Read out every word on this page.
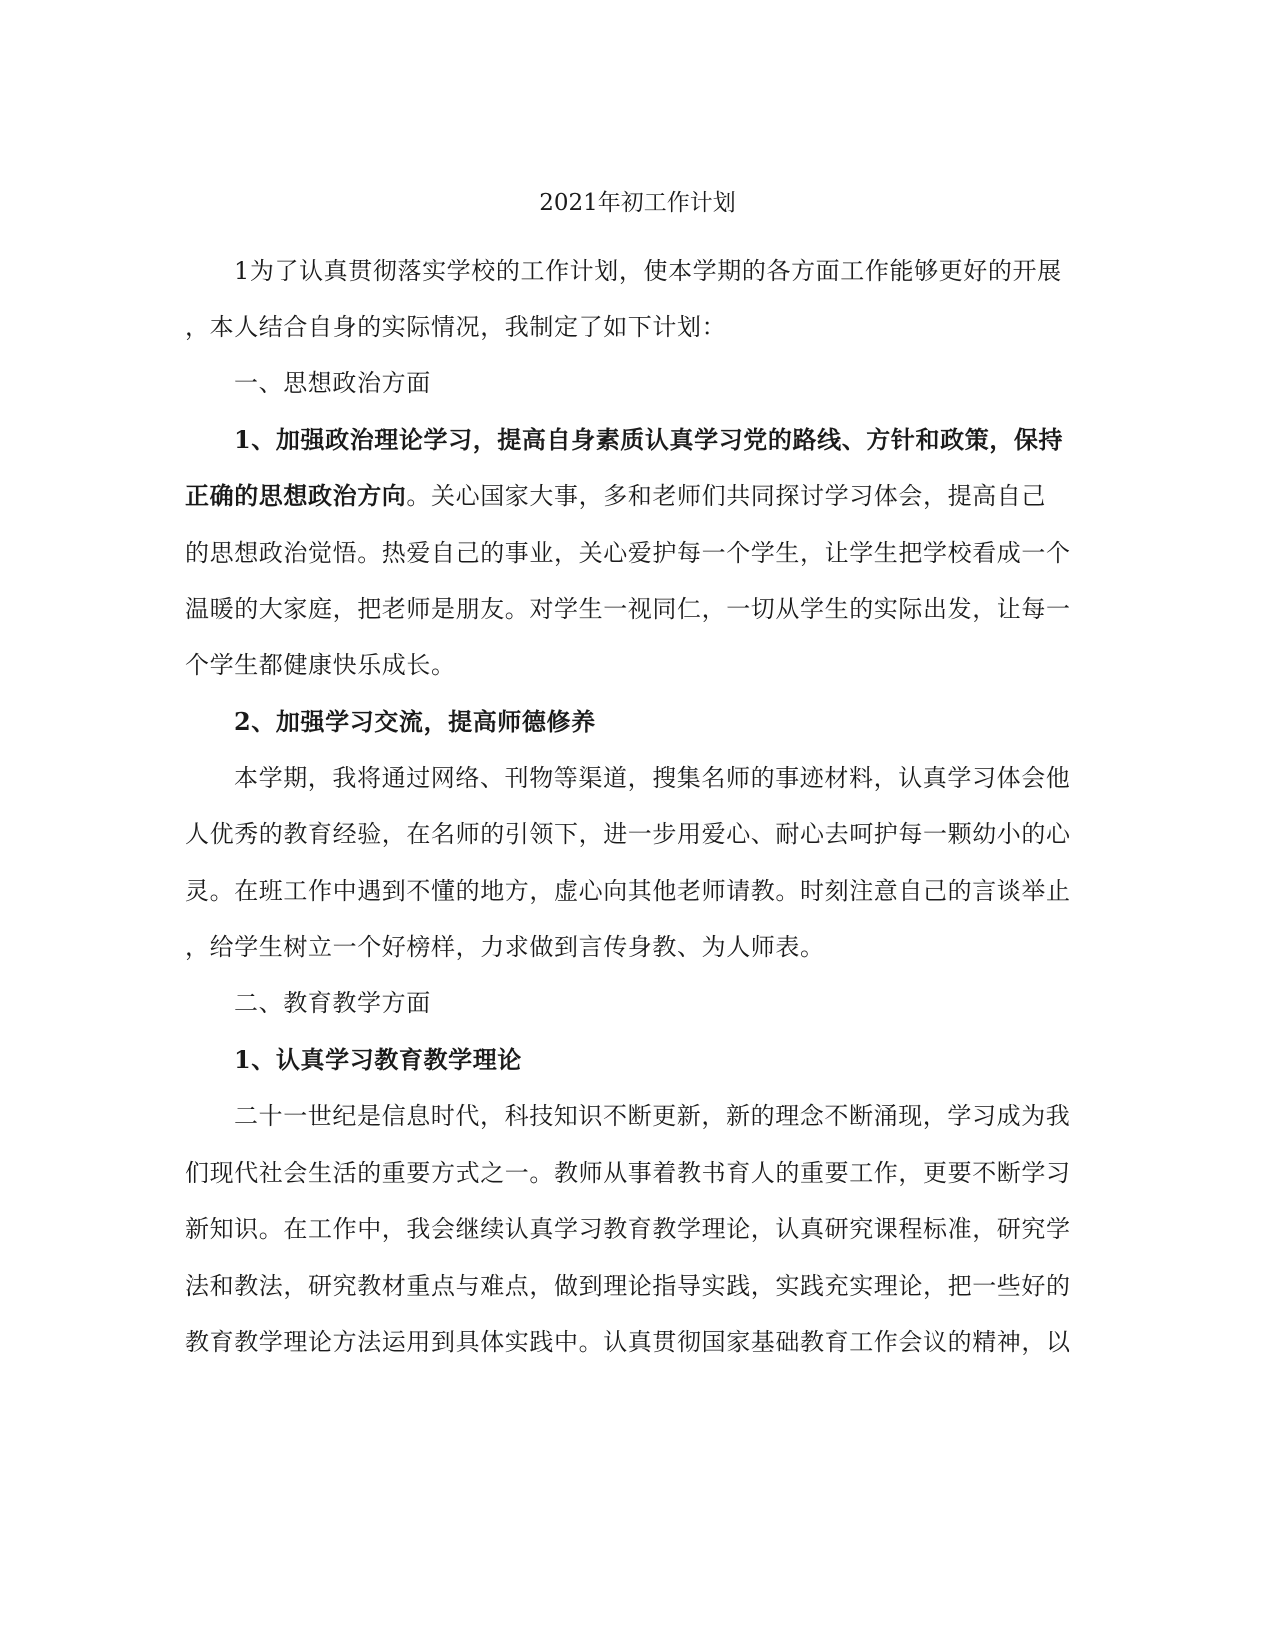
2021年初工作计划
1为了认真贯彻落实学校的工作计划，使本学期的各方面工作能够更好的开展
，本人结合自身的实际情况，我制定了如下计划：
一、思想政治方面
1、加强政治理论学习，提高自身素质认真学习党的路线、方针和政策，保持
正确的思想政治方向。关心国家大事，多和老师们共同探讨学习体会，提高自己
的思想政治觉悟。热爱自己的事业，关心爱护每一个学生，让学生把学校看成一个
温暖的大家庭，把老师是朋友。对学生一视同仁，一切从学生的实际出发，让每一
个学生都健康快乐成长。
2、加强学习交流，提高师德修养
本学期，我将通过网络、刊物等渠道，搜集名师的事迹材料，认真学习体会他
人优秀的教育经验，在名师的引领下，进一步用爱心、耐心去呵护每一颗幼小的心
灵。在班工作中遇到不懂的地方，虚心向其他老师请教。时刻注意自己的言谈举止
，给学生树立一个好榜样，力求做到言传身教、为人师表。
二、教育教学方面
1、认真学习教育教学理论
二十一世纪是信息时代，科技知识不断更新，新的理念不断涌现，学习成为我
们现代社会生活的重要方式之一。教师从事着教书育人的重要工作，更要不断学习
新知识。在工作中，我会继续认真学习教育教学理论，认真研究课程标准，研究学
法和教法，研究教材重点与难点，做到理论指导实践，实践充实理论，把一些好的
教育教学理论方法运用到具体实践中。认真贯彻国家基础教育工作会议的精神，以
